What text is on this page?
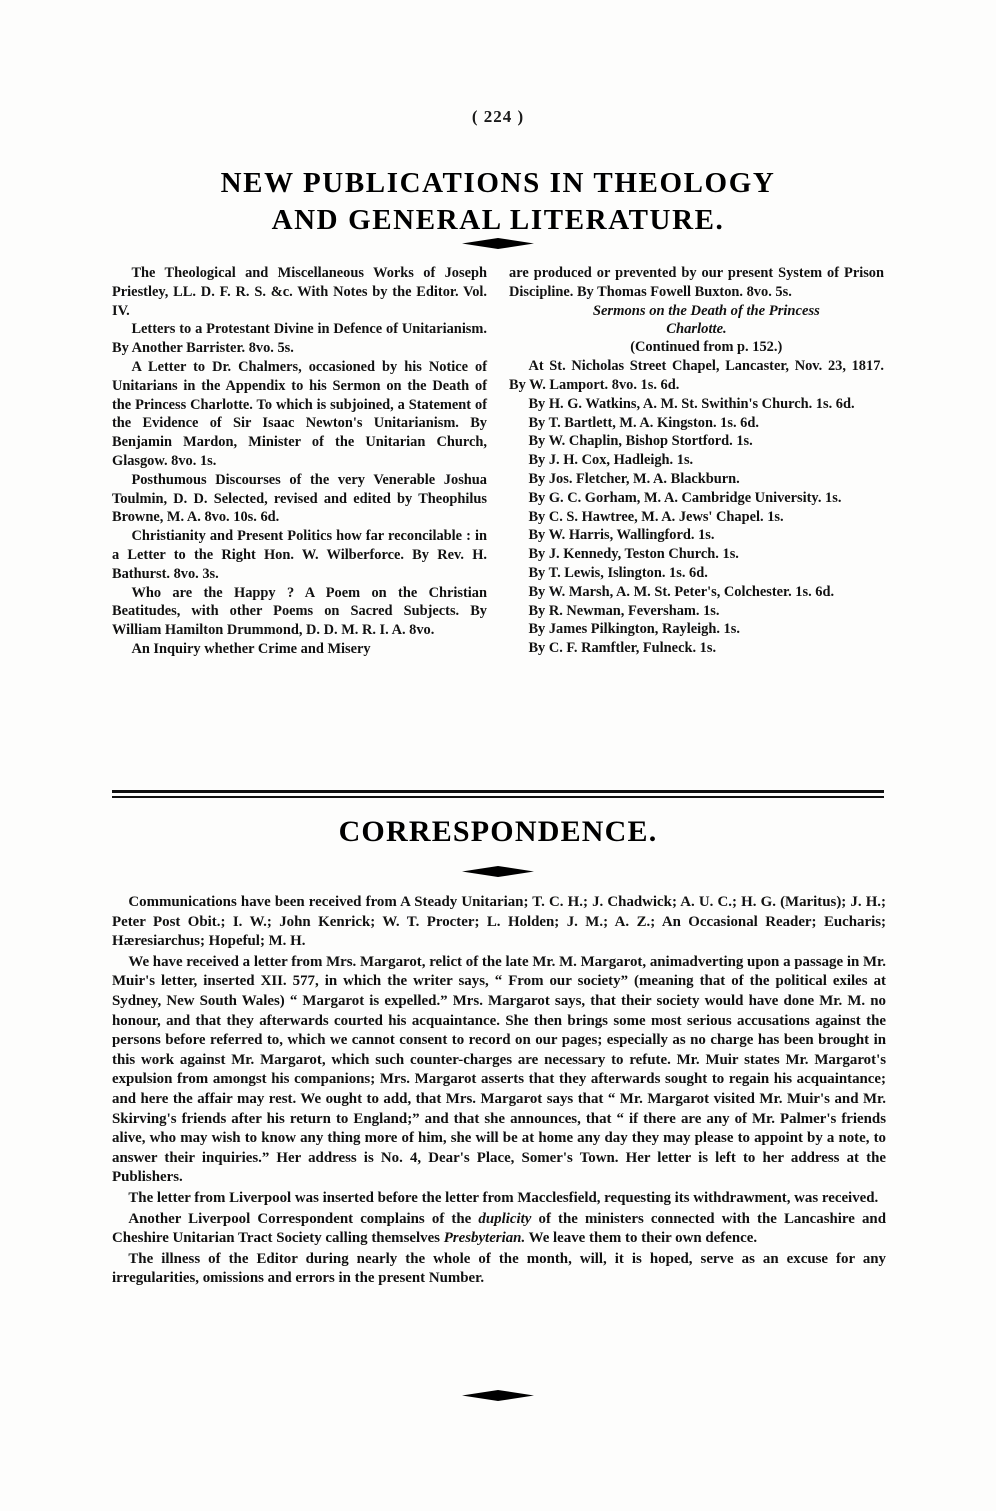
( 224 )
NEW PUBLICATIONS IN THEOLOGY
AND GENERAL LITERATURE.

The Theological and Miscellaneous Works of Joseph Priestley, LL. D. F. R. S. &c. With Notes by the Editor. Vol. IV.

Letters to a Protestant Divine in Defence of Unitarianism. By Another Barrister. 8vo. 5s.

A Letter to Dr. Chalmers, occasioned by his Notice of Unitarians in the Appendix to his Sermon on the Death of the Princess Charlotte. To which is subjoined, a Statement of the Evidence of Sir Isaac Newton's Unitarianism. By Benjamin Mardon, Minister of the Unitarian Church, Glasgow. 8vo. 1s.

Posthumous Discourses of the very Venerable Joshua Toulmin, D. D. Selected, revised and edited by Theophilus Browne, M. A. 8vo. 10s. 6d.

Christianity and Present Politics how far reconcilable : in a Letter to the Right Hon. W. Wilberforce. By Rev. H. Bathurst. 8vo. 3s.

Who are the Happy ? A Poem on the Christian Beatitudes, with other Poems on Sacred Subjects. By William Hamilton Drummond, D. D. M. R. I. A. 8vo.

An Inquiry whether Crime and Misery

are produced or prevented by our present System of Prison Discipline. By Thomas Fowell Buxton. 8vo. 5s.

Sermons on the Death of the Princess
Charlotte.

(Continued from p. 152.)

At St. Nicholas Street Chapel, Lancaster, Nov. 23, 1817. By W. Lamport. 8vo. 1s. 6d.

By H. G. Watkins, A. M. St. Swithin's Church. 1s. 6d.

By T. Bartlett, M. A. Kingston. 1s. 6d.

By W. Chaplin, Bishop Stortford. 1s.

By J. H. Cox, Hadleigh. 1s.

By Jos. Fletcher, M. A. Blackburn.

By G. C. Gorham, M. A. Cambridge University. 1s.

By C. S. Hawtree, M. A. Jews' Chapel. 1s.

By W. Harris, Wallingford. 1s.

By J. Kennedy, Teston Church. 1s.

By T. Lewis, Islington. 1s. 6d.

By W. Marsh, A. M. St. Peter's, Colchester. 1s. 6d.

By R. Newman, Feversham. 1s.

By James Pilkington, Rayleigh. 1s.

By C. F. Ramftler, Fulneck. 1s.

CORRESPONDENCE.

Communications have been received from A Steady Unitarian; T. C. H.; J. Chadwick; A. U. C.; H. G. (Maritus); J. H.; Peter Post Obit.; I. W.; John Kenrick; W. T. Procter; L. Holden; J. M.; A. Z.; An Occasional Reader; Eucharis; Hæresiarchus; Hopeful; M. H.

We have received a letter from Mrs. Margarot, relict of the late Mr. M. Margarot, animadverting upon a passage in Mr. Muir's letter, inserted XII. 577, in which the writer says, “ From our society” (meaning that of the political exiles at Sydney, New South Wales) “ Margarot is expelled.” Mrs. Margarot says, that their society would have done Mr. M. no honour, and that they afterwards courted his acquaintance. She then brings some most serious accusations against the persons before referred to, which we cannot consent to record on our pages; especially as no charge has been brought in this work against Mr. Margarot, which such counter-charges are necessary to refute. Mr. Muir states Mr. Margarot's expulsion from amongst his companions; Mrs. Margarot asserts that they afterwards sought to regain his acquaintance; and here the affair may rest. We ought to add, that Mrs. Margarot says that “ Mr. Margarot visited Mr. Muir's and Mr. Skirving's friends after his return to England;” and that she announces, that “ if there are any of Mr. Palmer's friends alive, who may wish to know any thing more of him, she will be at home any day they may please to appoint by a note, to answer their inquiries.” Her address is No. 4, Dear's Place, Somer's Town. Her letter is left to her address at the Publishers.

The letter from Liverpool was inserted before the letter from Macclesfield, requesting its withdrawment, was received.

Another Liverpool Correspondent complains of the duplicity of the ministers connected with the Lancashire and Cheshire Unitarian Tract Society calling themselves Presbyterian. We leave them to their own defence.

The illness of the Editor during nearly the whole of the month, will, it is hoped, serve as an excuse for any irregularities, omissions and errors in the present Number.
